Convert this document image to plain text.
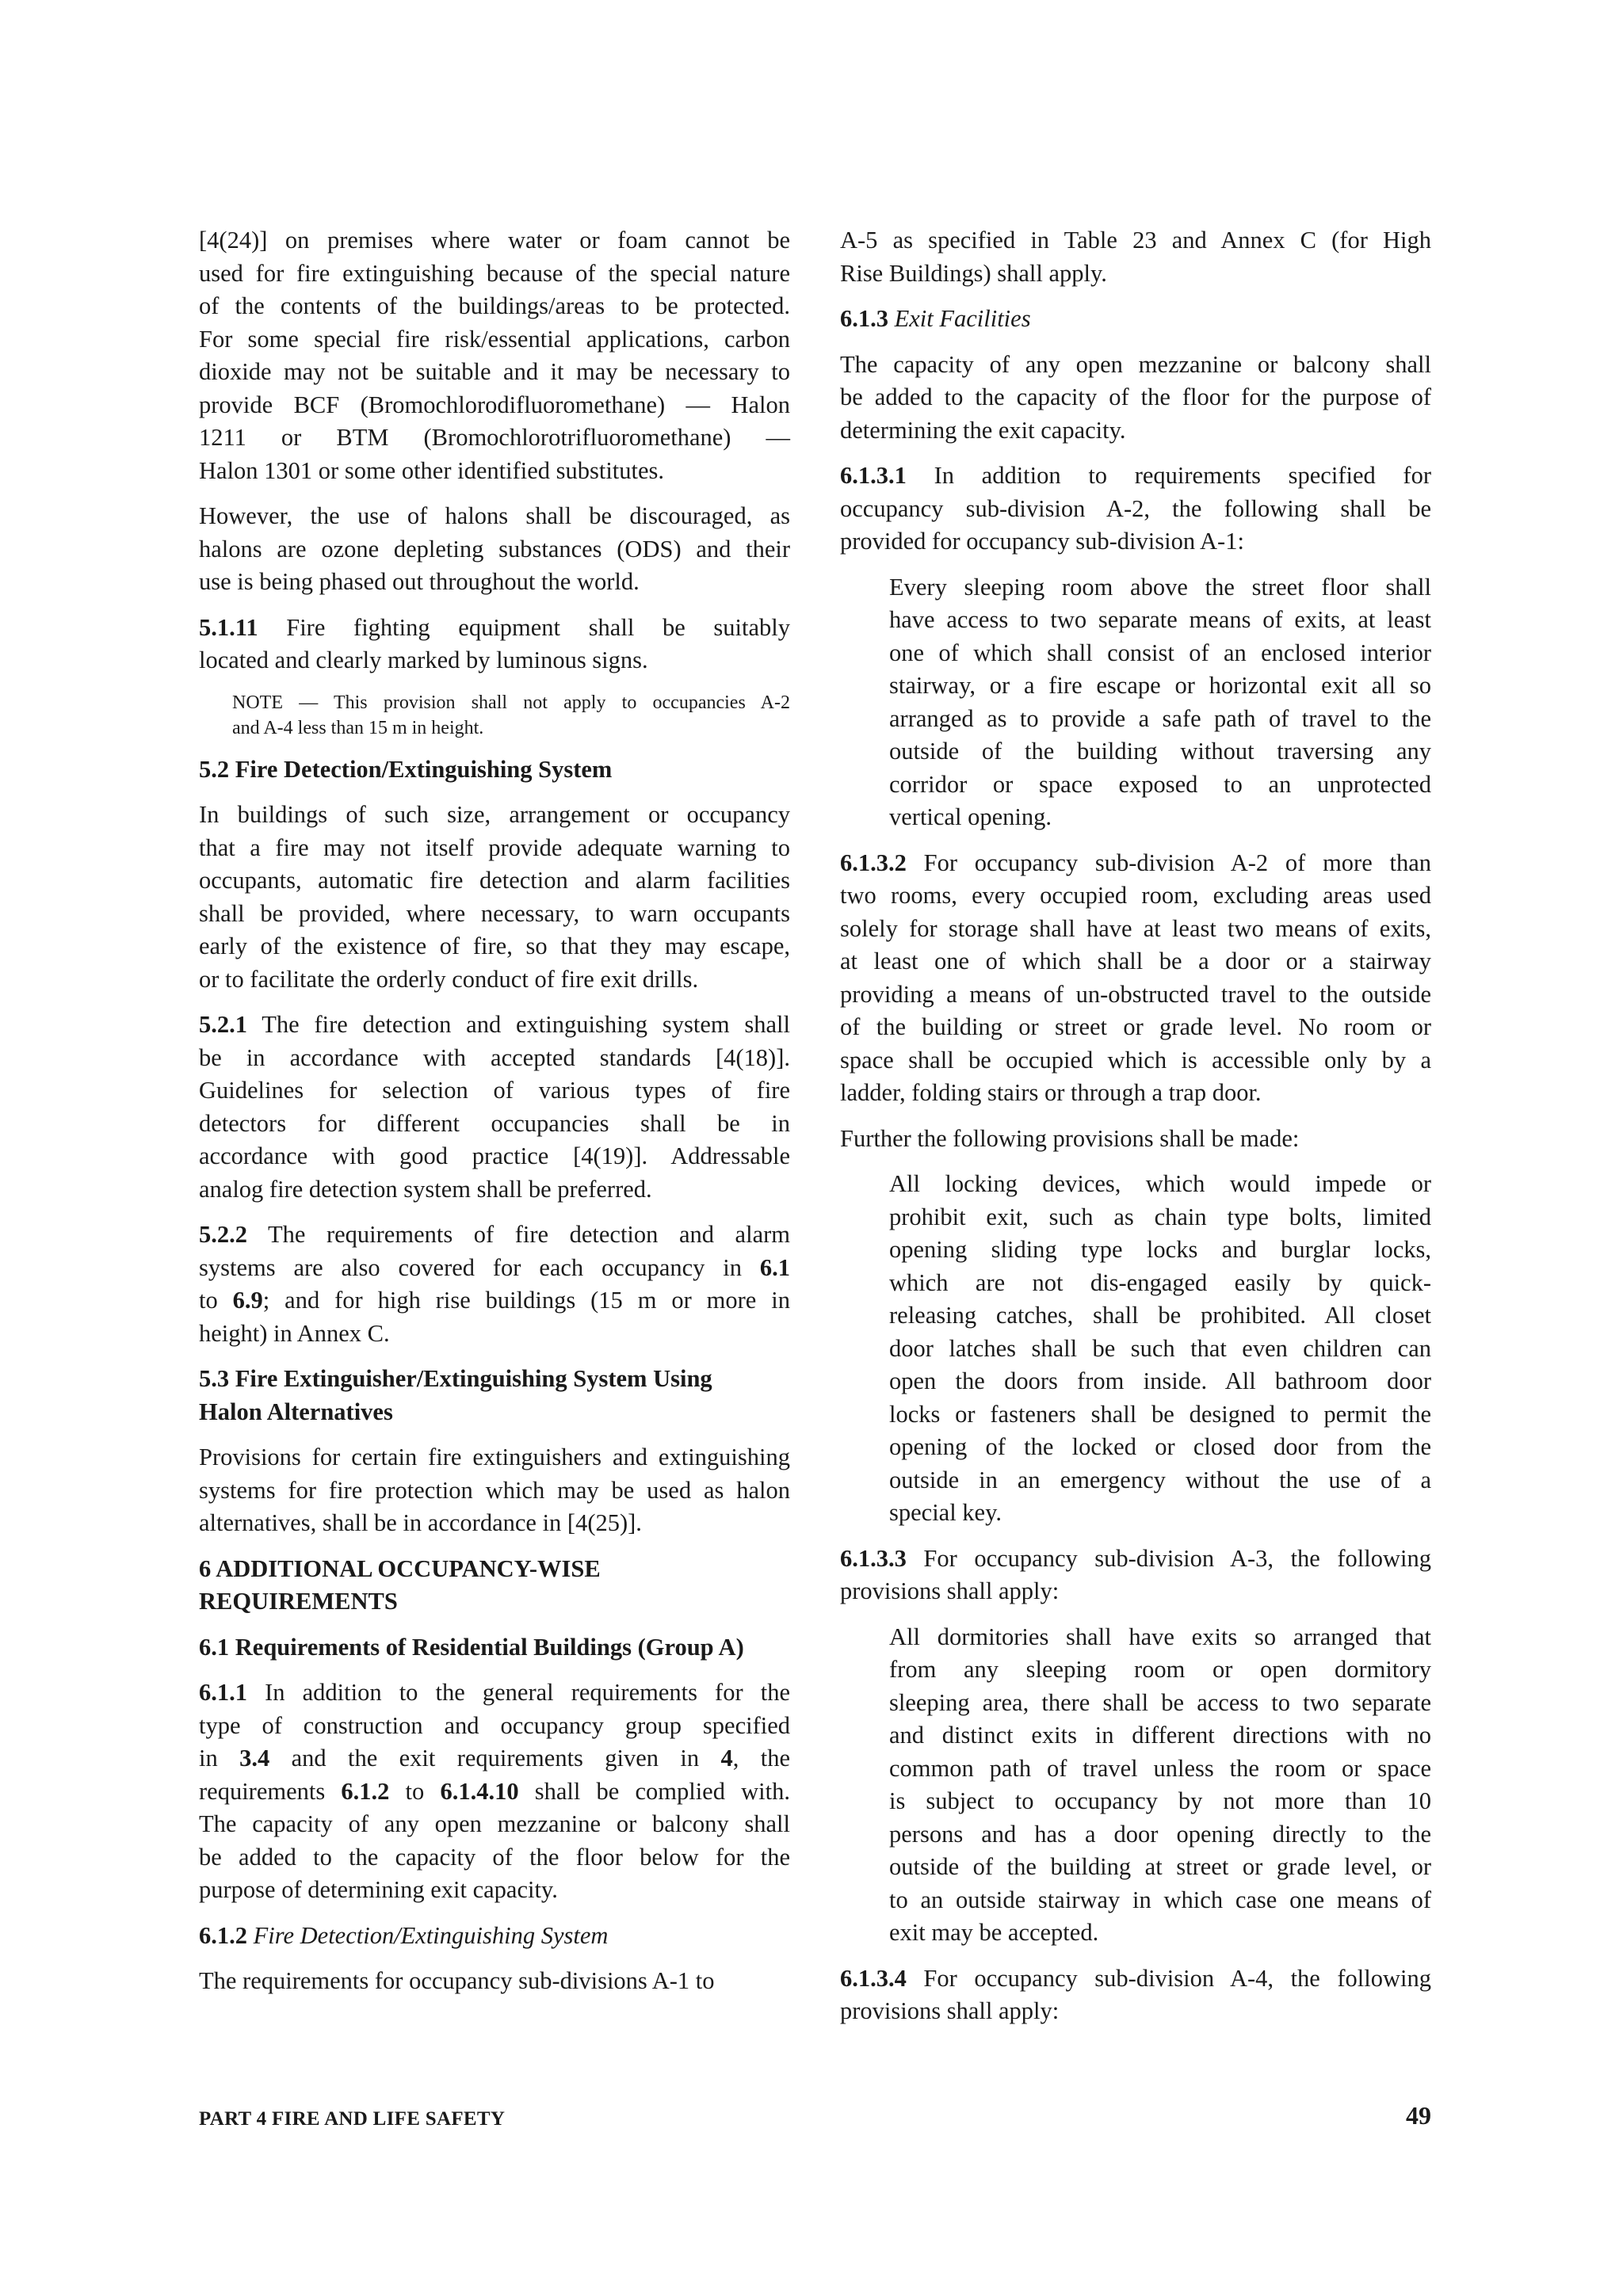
[4(24)] on premises where water or foam cannot be
used for fire extinguishing because of the special nature
of the contents of the buildings/areas to be protected.
For some special fire risk/essential applications, carbon
dioxide may not be suitable and it may be necessary to
provide BCF (Bromochlorodifluoromethane) — Halon
1211 or BTM (Bromochlorotrifluoromethane) —
Halon 1301 or some other identified substitutes.
However, the use of halons shall be discouraged, as
halons are ozone depleting substances (ODS) and their
use is being phased out throughout the world.
5.1.11 Fire fighting equipment shall be suitably
located and clearly marked by luminous signs.
NOTE — This provision shall not apply to occupancies A-2
and A-4 less than 15 m in height.
5.2 Fire Detection/Extinguishing System
In buildings of such size, arrangement or occupancy
that a fire may not itself provide adequate warning to
occupants, automatic fire detection and alarm facilities
shall be provided, where necessary, to warn occupants
early of the existence of fire, so that they may escape,
or to facilitate the orderly conduct of fire exit drills.
5.2.1 The fire detection and extinguishing system shall
be in accordance with accepted standards [4(18)].
Guidelines for selection of various types of fire
detectors for different occupancies shall be in
accordance with good practice [4(19)]. Addressable
analog fire detection system shall be preferred.
5.2.2 The requirements of fire detection and alarm
systems are also covered for each occupancy in 6.1
to 6.9; and for high rise buildings (15 m or more in
height) in Annex C.
5.3 Fire Extinguisher/Extinguishing System Using
Halon Alternatives
Provisions for certain fire extinguishers and extinguishing
systems for fire protection which may be used as halon
alternatives, shall be in accordance in [4(25)].
6 ADDITIONAL OCCUPANCY-WISE
REQUIREMENTS
6.1 Requirements of Residential Buildings (Group A)
6.1.1 In addition to the general requirements for the
type of construction and occupancy group specified
in 3.4 and the exit requirements given in 4, the
requirements 6.1.2 to 6.1.4.10 shall be complied with.
The capacity of any open mezzanine or balcony shall
be added to the capacity of the floor below for the
purpose of determining exit capacity.
6.1.2 Fire Detection/Extinguishing System
The requirements for occupancy sub-divisions A-1 to
A-5 as specified in Table 23 and Annex C (for High
Rise Buildings) shall apply.
6.1.3 Exit Facilities
The capacity of any open mezzanine or balcony shall
be added to the capacity of the floor for the purpose of
determining the exit capacity.
6.1.3.1 In addition to requirements specified for
occupancy sub-division A-2, the following shall be
provided for occupancy sub-division A-1:
Every sleeping room above the street floor shall
have access to two separate means of exits, at least
one of which shall consist of an enclosed interior
stairway, or a fire escape or horizontal exit all so
arranged as to provide a safe path of travel to the
outside of the building without traversing any
corridor or space exposed to an unprotected
vertical opening.
6.1.3.2 For occupancy sub-division A-2 of more than
two rooms, every occupied room, excluding areas used
solely for storage shall have at least two means of exits,
at least one of which shall be a door or a stairway
providing a means of un-obstructed travel to the outside
of the building or street or grade level. No room or
space shall be occupied which is accessible only by a
ladder, folding stairs or through a trap door.
Further the following provisions shall be made:
All locking devices, which would impede or
prohibit exit, such as chain type bolts, limited
opening sliding type locks and burglar locks,
which are not dis-engaged easily by quick-
releasing catches, shall be prohibited. All closet
door latches shall be such that even children can
open the doors from inside. All bathroom door
locks or fasteners shall be designed to permit the
opening of the locked or closed door from the
outside in an emergency without the use of a
special key.
6.1.3.3 For occupancy sub-division A-3, the following
provisions shall apply:
All dormitories shall have exits so arranged that
from any sleeping room or open dormitory
sleeping area, there shall be access to two separate
and distinct exits in different directions with no
common path of travel unless the room or space
is subject to occupancy by not more than 10
persons and has a door opening directly to the
outside of the building at street or grade level, or
to an outside stairway in which case one means of
exit may be accepted.
6.1.3.4 For occupancy sub-division A-4, the following
provisions shall apply:
PART 4 FIRE AND LIFE SAFETY	49
